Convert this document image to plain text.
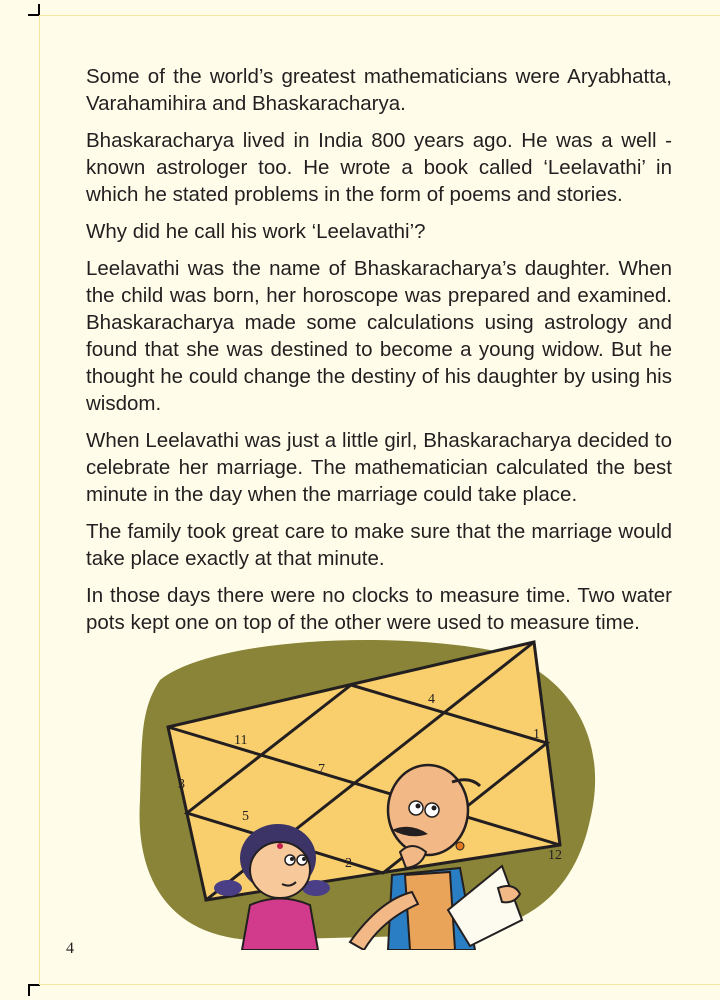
Some of the world’s greatest mathematicians were Aryabhatta, Varahamihira and Bhaskaracharya.

Bhaskaracharya lived in India 800 years ago. He was a well -known astrologer too. He wrote a book called ‘Leelavathi’ in which he stated problems in the form of poems and stories.

Why did he call his work ‘Leelavathi’?

Leelavathi was the name of Bhaskaracharya’s daughter. When the child was born, her horoscope was prepared and examined. Bhaskaracharya made some calculations using astrology and found that she was destined to become a young widow. But he thought he could change the destiny of his daughter by using his wisdom.

When Leelavathi was just a little girl, Bhaskaracharya decided to celebrate her marriage. The mathematician calculated the best minute in the day when the marriage could take place.

The family took great care to make sure that the marriage would take place exactly at that minute.

In those days there were no clocks to measure time. Two water pots kept one on top of the other were used to measure time.

4
11	1
3
7
5
2
12
4
